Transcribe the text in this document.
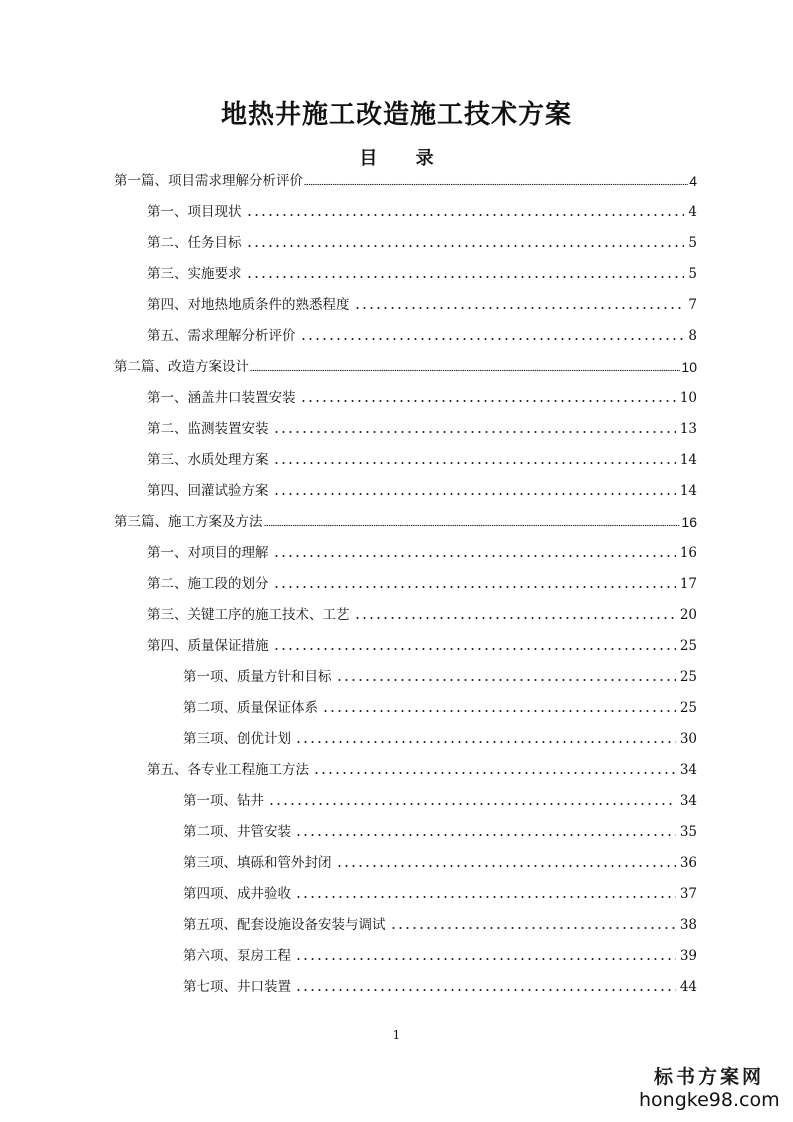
地热井施工改造施工技术方案
目 录
第一篇、项目需求理解分析评价	4
第一、项目现状	4
第二、任务目标	5
第三、实施要求	5
第四、对地热地质条件的熟悉程度	7
第五、需求理解分析评价	8
第二篇、改造方案设计	10
第一、涵盖井口装置安装	10
第二、监测装置安装	13
第三、水质处理方案	14
第四、回灌试验方案	14
第三篇、施工方案及方法	16
第一、对项目的理解	16
第二、施工段的划分	17
第三、关键工序的施工技术、工艺	20
第四、质量保证措施	25
第一项、质量方针和目标	25
第二项、质量保证体系	25
第三项、创优计划	30
第五、各专业工程施工方法	34
第一项、钻井	34
第二项、井管安装	35
第三项、填砾和管外封闭	36
第四项、成井验收	37
第五项、配套设施设备安装与调试	38
第六项、泵房工程	39
第七项、井口装置	44
1
标书方案网
hongke98.com
